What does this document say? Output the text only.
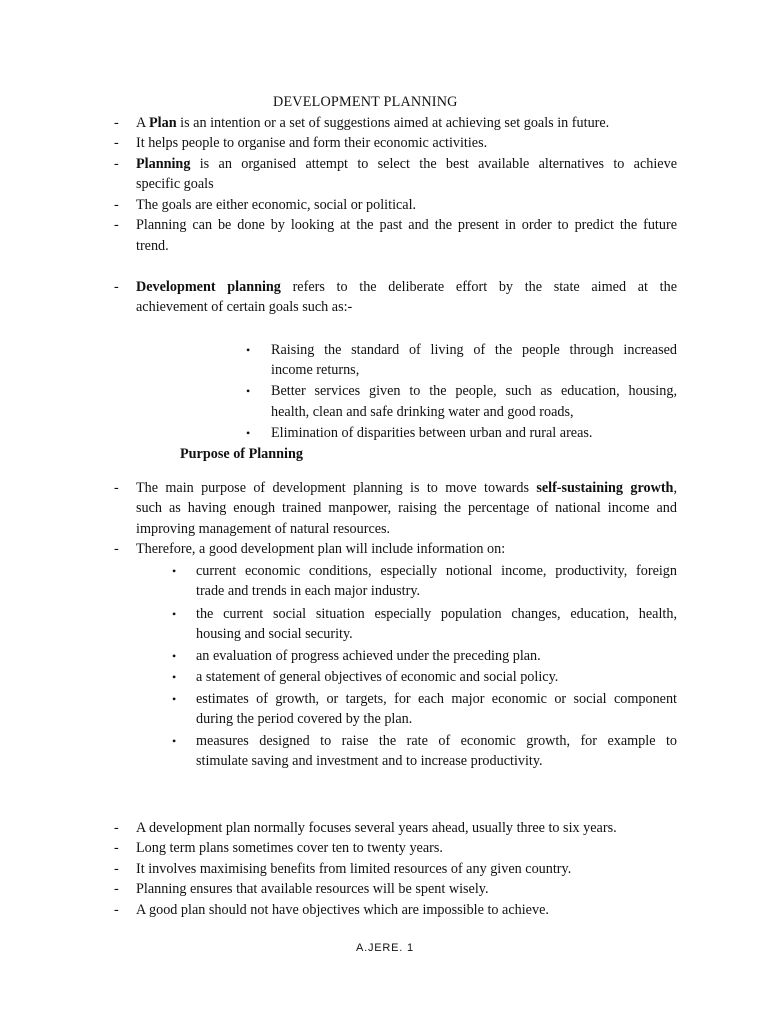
DEVELOPMENT PLANNING
- A Plan is an intention or a set of suggestions aimed at achieving set goals in future.
- It helps people to organise and form their economic activities.
- Planning is an organised attempt to select the best available alternatives to achieve
specific goals
- The goals are either economic, social or political.
- Planning can be done by looking at the past and the present in order to predict the future
trend.
- Development planning refers to the deliberate effort by the state aimed at the
achievement of certain goals such as:-
• Raising the standard of living of the people through increased
income returns,
• Better services given to the people, such as education, housing,
health, clean and safe drinking water and good roads,
• Elimination of disparities between urban and rural areas.
Purpose of Planning
- The main purpose of development planning is to move towards self-sustaining growth,
such as having enough trained manpower, raising the percentage of national income and
improving management of natural resources.
- Therefore, a good development plan will include information on:
• current economic conditions, especially notional income, productivity, foreign
trade and trends in each major industry.
• the current social situation especially population changes, education, health,
housing and social security.
• an evaluation of progress achieved under the preceding plan.
• a statement of general objectives of economic and social policy.
• estimates of growth, or targets, for each major economic or social component
during the period covered by the plan.
• measures designed to raise the rate of economic growth, for example to
stimulate saving and investment and to increase productivity.
- A development plan normally focuses several years ahead, usually three to six years.
- Long term plans sometimes cover ten to twenty years.
- It involves maximising benefits from limited resources of any given country.
- Planning ensures that available resources will be spent wisely.
- A good plan should not have objectives which are impossible to achieve.
A.JERE. 1
